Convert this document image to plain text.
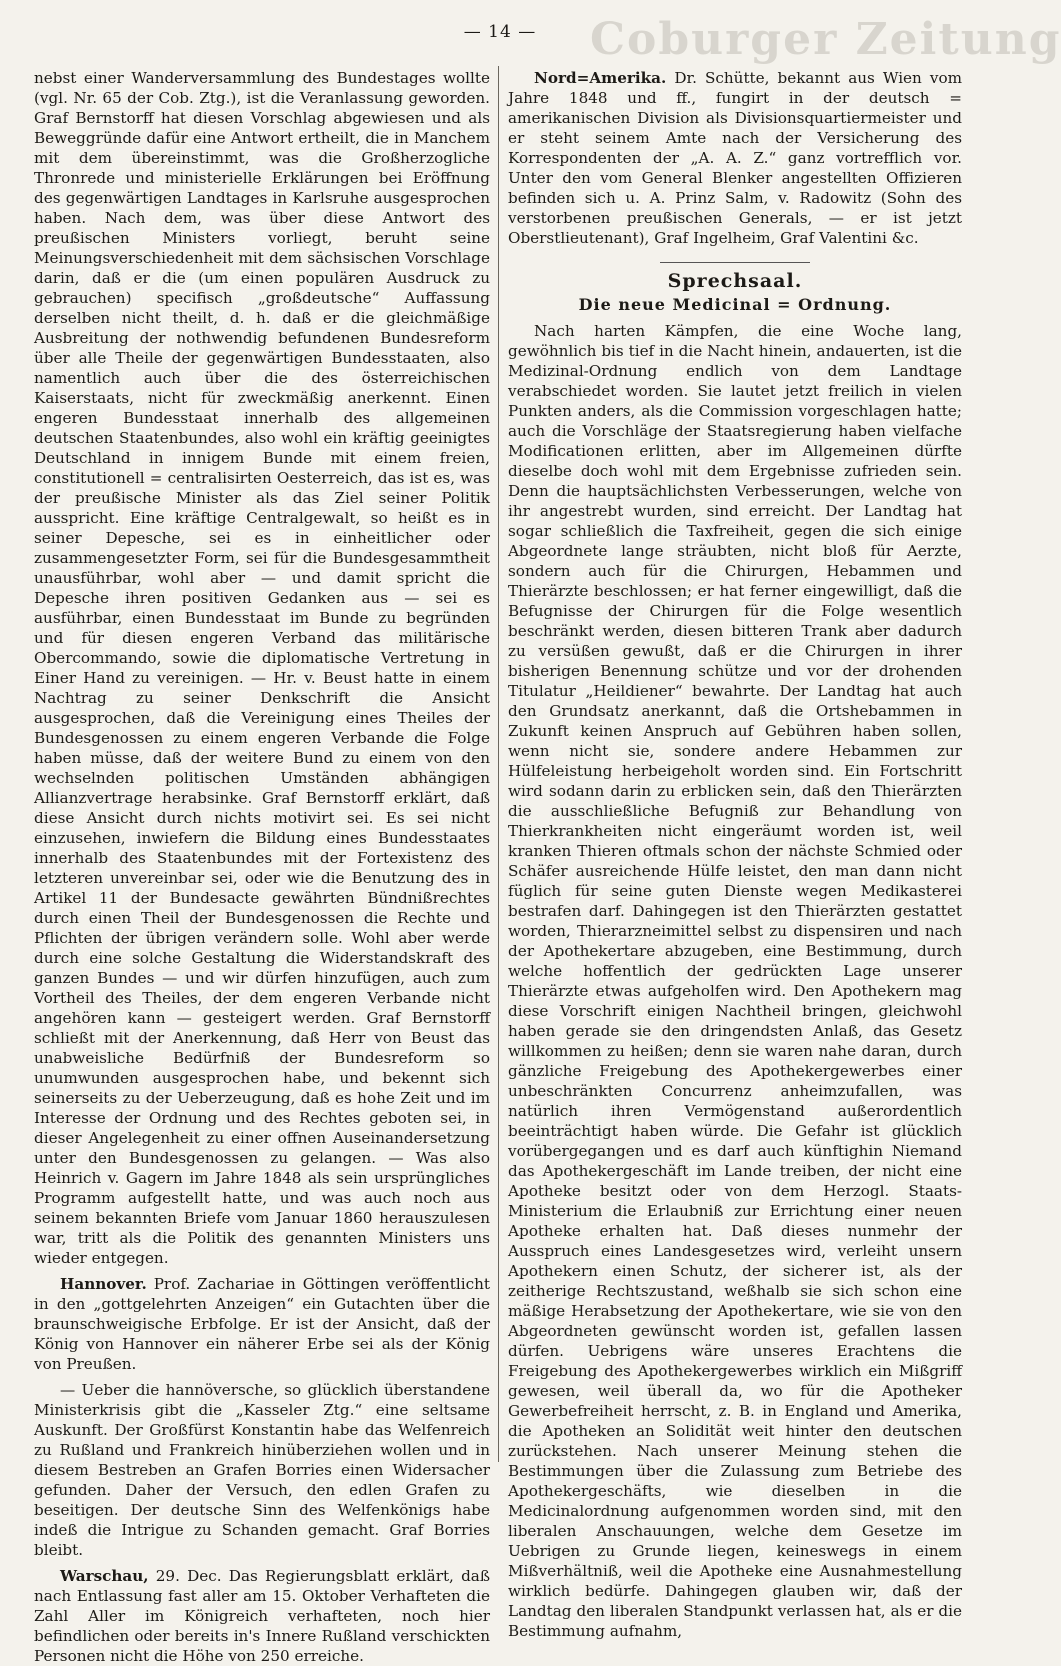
— 14 —	Coburger Zeitung

nebst einer Wanderversammlung des Bundestages wollte (vgl. Nr. 65 der Cob. Ztg.), ist die Veranlassung geworden. Graf Bernstorff hat diesen Vorschlag abgewiesen und als Beweggründe dafür eine Antwort ertheilt, die in Manchem mit dem übereinstimmt, was die Großherzogliche Thronrede und ministerielle Erklärungen bei Eröffnung des gegenwärtigen Landtages in Karlsruhe ausgesprochen haben. Nach dem, was über diese Antwort des preußischen Ministers vorliegt, beruht seine Meinungsverschiedenheit mit dem sächsischen Vorschlage darin, daß er die (um einen populären Ausdruck zu gebrauchen) specifisch „großdeutsche“ Auffassung derselben nicht theilt, d. h. daß er die gleichmäßige Ausbreitung der nothwendig befundenen Bundesreform über alle Theile der gegenwärtigen Bundesstaaten, also namentlich auch über die des österreichischen Kaiserstaats, nicht für zweckmäßig anerkennt. Einen engeren Bundesstaat innerhalb des allgemeinen deutschen Staatenbundes, also wohl ein kräftig geeinigtes Deutschland in innigem Bunde mit einem freien, constitutionell = centralisirten Oesterreich, das ist es, was der preußische Minister als das Ziel seiner Politik ausspricht. Eine kräftige Centralgewalt, so heißt es in seiner Depesche, sei es in einheitlicher oder zusammengesetzter Form, sei für die Bundesgesammtheit unausführbar, wohl aber — und damit spricht die Depesche ihren positiven Gedanken aus — sei es ausführbar, einen Bundesstaat im Bunde zu begründen und für diesen engeren Verband das militärische Obercommando, sowie die diplomatische Vertretung in Einer Hand zu vereinigen. — Hr. v. Beust hatte in einem Nachtrag zu seiner Denkschrift die Ansicht ausgesprochen, daß die Vereinigung eines Theiles der Bundesgenossen zu einem engeren Verbande die Folge haben müsse, daß der weitere Bund zu einem von den wechselnden politischen Umständen abhängigen Allianzvertrage herabsinke. Graf Bernstorff erklärt, daß diese Ansicht durch nichts motivirt sei. Es sei nicht einzusehen, inwiefern die Bildung eines Bundesstaates innerhalb des Staatenbundes mit der Fortexistenz des letzteren unvereinbar sei, oder wie die Benutzung des in Artikel 11 der Bundesacte gewährten Bündnißrechtes durch einen Theil der Bundesgenossen die Rechte und Pflichten der übrigen verändern solle. Wohl aber werde durch eine solche Gestaltung die Widerstandskraft des ganzen Bundes — und wir dürfen hinzufügen, auch zum Vortheil des Theiles, der dem engeren Verbande nicht angehören kann — gesteigert werden. Graf Bernstorff schließt mit der Anerkennung, daß Herr von Beust das unabweisliche Bedürfniß der Bundesreform so unumwunden ausgesprochen habe, und bekennt sich seinerseits zu der Ueberzeugung, daß es hohe Zeit und im Interesse der Ordnung und des Rechtes geboten sei, in dieser Angelegenheit zu einer offnen Auseinandersetzung unter den Bundesgenossen zu gelangen. — Was also Heinrich v. Gagern im Jahre 1848 als sein ursprüngliches Programm aufgestellt hatte, und was auch noch aus seinem bekannten Briefe vom Januar 1860 herauszulesen war, tritt als die Politik des genannten Ministers uns wieder entgegen.

Hannover. Prof. Zachariae in Göttingen veröffentlicht in den „gottgelehrten Anzeigen“ ein Gutachten über die braunschweigische Erbfolge. Er ist der Ansicht, daß der König von Hannover ein näherer Erbe sei als der König von Preußen.

— Ueber die hannöversche, so glücklich überstandene Ministerkrisis gibt die „Kasseler Ztg.“ eine seltsame Auskunft. Der Großfürst Konstantin habe das Welfenreich zu Rußland und Frankreich hinüberziehen wollen und in diesem Bestreben an Grafen Borries einen Widersacher gefunden. Daher der Versuch, den edlen Grafen zu beseitigen. Der deutsche Sinn des Welfenkönigs habe indeß die Intrigue zu Schanden gemacht. Graf Borries bleibt.

Warschau, 29. Dec. Das Regierungsblatt erklärt, daß nach Entlassung fast aller am 15. Oktober Verhafteten die Zahl Aller im Königreich verhafteten, noch hier befindlichen oder bereits in's Innere Rußland verschickten Personen nicht die Höhe von 250 erreiche.

Nord=Amerika. Dr. Schütte, bekannt aus Wien vom Jahre 1848 und ff., fungirt in der deutsch = amerikanischen Division als Divisionsquartiermeister und er steht seinem Amte nach der Versicherung des Korrespondenten der „A. A. Z.“ ganz vortrefflich vor. Unter den vom General Blenker angestellten Offizieren befinden sich u. A. Prinz Salm, v. Radowitz (Sohn des verstorbenen preußischen Generals, — er ist jetzt Oberstlieutenant), Graf Ingelheim, Graf Valentini &c.

Sprechsaal.
Die neue Medicinal = Ordnung.

Nach harten Kämpfen, die eine Woche lang, gewöhnlich bis tief in die Nacht hinein, andauerten, ist die Medizinal-Ordnung endlich von dem Landtage verabschiedet worden. Sie lautet jetzt freilich in vielen Punkten anders, als die Commission vorgeschlagen hatte; auch die Vorschläge der Staatsregierung haben vielfache Modificationen erlitten, aber im Allgemeinen dürfte dieselbe doch wohl mit dem Ergebnisse zufrieden sein. Denn die hauptsächlichsten Verbesserungen, welche von ihr angestrebt wurden, sind erreicht. Der Landtag hat sogar schließlich die Taxfreiheit, gegen die sich einige Abgeordnete lange sträubten, nicht bloß für Aerzte, sondern auch für die Chirurgen, Hebammen und Thierärzte beschlossen; er hat ferner eingewilligt, daß die Befugnisse der Chirurgen für die Folge wesentlich beschränkt werden, diesen bitteren Trank aber dadurch zu versüßen gewußt, daß er die Chirurgen in ihrer bisherigen Benennung schütze und vor der drohenden Titulatur „Heildiener“ bewahrte. Der Landtag hat auch den Grundsatz anerkannt, daß die Ortshebammen in Zukunft keinen Anspruch auf Gebühren haben sollen, wenn nicht sie, sondere andere Hebammen zur Hülfeleistung herbeigeholt worden sind. Ein Fortschritt wird sodann darin zu erblicken sein, daß den Thierärzten die ausschließliche Befugniß zur Behandlung von Thierkrankheiten nicht eingeräumt worden ist, weil kranken Thieren oftmals schon der nächste Schmied oder Schäfer ausreichende Hülfe leistet, den man dann nicht füglich für seine guten Dienste wegen Medikasterei bestrafen darf. Dahingegen ist den Thierärzten gestattet worden, Thierarzneimittel selbst zu dispensiren und nach der Apothekertare abzugeben, eine Bestimmung, durch welche hoffentlich der gedrückten Lage unserer Thierärzte etwas aufgeholfen wird. Den Apothekern mag diese Vorschrift einigen Nachtheil bringen, gleichwohl haben gerade sie den dringendsten Anlaß, das Gesetz willkommen zu heißen; denn sie waren nahe daran, durch gänzliche Freigebung des Apothekergewerbes einer unbeschränkten Concurrenz anheimzufallen, was natürlich ihren Vermögenstand außerordentlich beeinträchtigt haben würde. Die Gefahr ist glücklich vorübergegangen und es darf auch künftighin Niemand das Apothekergeschäft im Lande treiben, der nicht eine Apotheke besitzt oder von dem Herzogl. Staats-Ministerium die Erlaubniß zur Errichtung einer neuen Apotheke erhalten hat. Daß dieses nunmehr der Ausspruch eines Landesgesetzes wird, verleiht unsern Apothekern einen Schutz, der sicherer ist, als der zeitherige Rechtszustand, weßhalb sie sich schon eine mäßige Herabsetzung der Apothekertare, wie sie von den Abgeordneten gewünscht worden ist, gefallen lassen dürfen. Uebrigens wäre unseres Erachtens die Freigebung des Apothekergewerbes wirklich ein Mißgriff gewesen, weil überall da, wo für die Apotheker Gewerbefreiheit herrscht, z. B. in England und Amerika, die Apotheken an Solidität weit hinter den deutschen zurückstehen. Nach unserer Meinung stehen die Bestimmungen über die Zulassung zum Betriebe des Apothekergeschäfts, wie dieselben in die Medicinalordnung aufgenommen worden sind, mit den liberalen Anschauungen, welche dem Gesetze im Uebrigen zu Grunde liegen, keineswegs in einem Mißverhältniß, weil die Apotheke eine Ausnahmestellung wirklich bedürfe. Dahingegen glauben wir, daß der Landtag den liberalen Standpunkt verlassen hat, als er die Bestimmung aufnahm,
